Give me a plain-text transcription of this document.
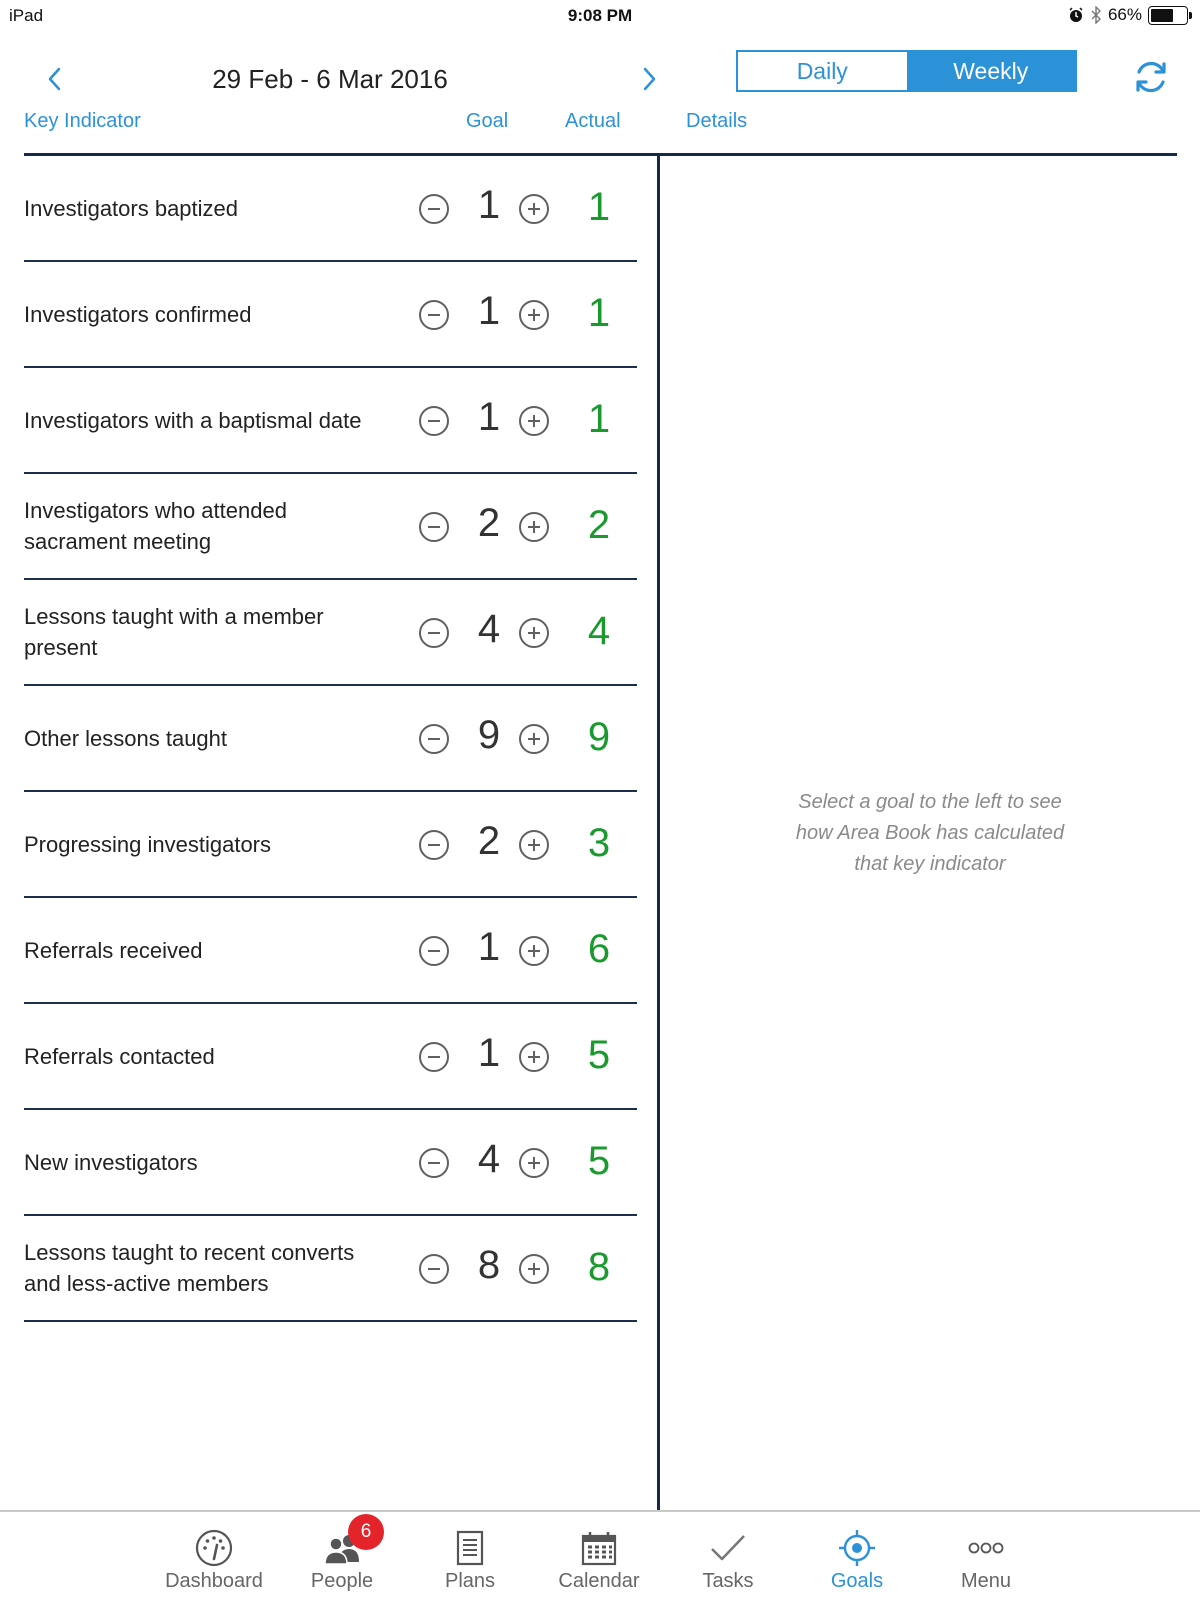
iPad	9:08 PM	66%
29 Feb - 6 Mar 2016	Daily	Weekly
Key Indicator	Goal	Actual	Details
Investigators baptized	1	1
Investigators confirmed	1	1
Investigators with a baptismal date	1	1
Investigators who attended sacrament meeting	2	2
Lessons taught with a member present	4	4
Other lessons taught	9	9
Progressing investigators	2	3
Referrals received	1	6
Referrals contacted	1	5
New investigators	4	5
Lessons taught to recent converts and less-active members	8	8
Select a goal to the left to see
how Area Book has calculated
that key indicator
Dashboard
6
People	Plans	Calendar	Tasks	Goals	Menu
